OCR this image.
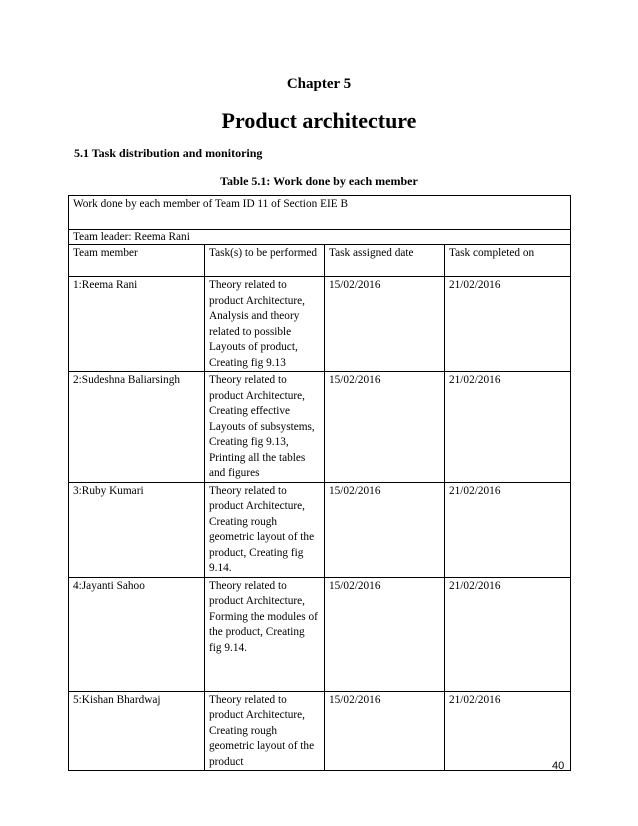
Chapter 5
Product architecture
5.1 Task distribution and monitoring
Table 5.1: Work done by each member
Work done by each member of Team ID 11 of Section EIE B			
Team leader: Reema Rani			
Team member	Task(s) to be performed	Task assigned date	Task completed on
1:Reema Rani	Theory related to product Architecture, Analysis and theory related to possible Layouts of product, Creating fig 9.13	15/02/2016	21/02/2016
2:Sudeshna Baliarsingh	Theory related to product Architecture, Creating effective Layouts of subsystems, Creating fig 9.13, Printing all the tables and figures	15/02/2016	21/02/2016
3:Ruby Kumari	Theory related to product Architecture, Creating rough geometric layout of the product, Creating fig 9.14.	15/02/2016	21/02/2016
4:Jayanti Sahoo	Theory related to product Architecture, Forming the modules of the product, Creating fig 9.14.	15/02/2016	21/02/2016
5:Kishan Bhardwaj	Theory related to product Architecture, Creating rough geometric layout of the product	15/02/2016	21/02/2016
40
